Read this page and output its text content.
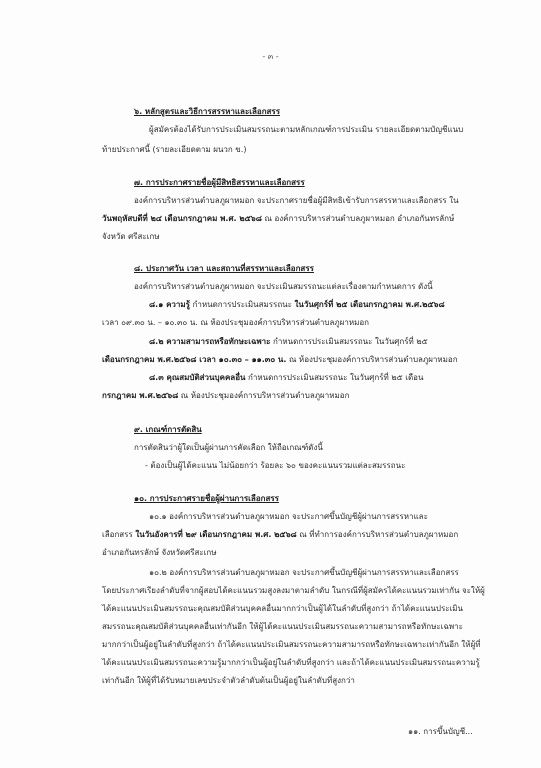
- ๓ -
๖. หลักสูตรและวิธีการสรรหาและเลือกสรร
ผู้สมัครต้องได้รับการประเมินสมรรถนะตามหลักเกณฑ์การประเมิน รายละเอียดตามบัญชีแนบ
ท้ายประกาศนี้ (รายละเอียดตาม ผนวก ข.)
๗. การประกาศรายชื่อผู้มีสิทธิสรรหาและเลือกสรร
องค์การบริหารส่วนตำบลภูผาหมอก จะประกาศรายชื่อผู้มีสิทธิเข้ารับการสรรหาและเลือกสรร ใน
วันพฤหัสบดีที่ ๒๔ เดือนกรกฎาคม พ.ศ. ๒๕๖๘ ณ องค์การบริหารส่วนตำบลภูผาหมอก อำเภอกันทรลักษ์
จังหวัด ศรีสะเกษ
๘. ประกาศวัน เวลา และสถานที่สรรหาและเลือกสรร
องค์การบริหารส่วนตำบลภูผาหมอก จะประเมินสมรรถนะแต่ละเรื่องตามกำหนดการ ดังนี้
๘.๑ ความรู้ กำหนดการประเมินสมรรถนะ ในวันศุกร์ที่ ๒๕ เดือนกรกฎาคม พ.ศ.๒๕๖๘
เวลา ๐๙.๓๐ น. – ๑๐.๓๐ น. ณ ห้องประชุมองค์การบริหารส่วนตำบลภูผาหมอก
๘.๒ ความสามารถหรือทักษะเฉพาะ กำหนดการประเมินสมรรถนะ ในวันศุกร์ที่ ๒๕
เดือนกรกฎาคม พ.ศ.๒๕๖๘ เวลา ๑๐.๓๐ – ๑๑.๓๐ น. ณ ห้องประชุมองค์การบริหารส่วนตำบลภูผาหมอก
๘.๓ คุณสมบัติส่วนบุคคลอื่น กำหนดการประเมินสมรรถนะ ในวันศุกร์ที่ ๒๕ เดือน
กรกฎาคม พ.ศ.๒๕๖๘ ณ ห้องประชุมองค์การบริหารส่วนตำบลภูผาหมอก
๙. เกณฑ์การตัดสิน
การตัดสินว่าผู้ใดเป็นผู้ผ่านการคัดเลือก ให้ถือเกณฑ์ดังนี้
- ต้องเป็นผู้ได้คะแนน ไม่น้อยกว่า ร้อยละ ๖๐ ของคะแนนรวมแต่ละสมรรถนะ
๑๐. การประกาศรายชื่อผู้ผ่านการเลือกสรร
๑๐.๑ องค์การบริหารส่วนตำบลภูผาหมอก จะประกาศขึ้นบัญชีผู้ผ่านการสรรหาและ
เลือกสรร ในวันอังคารที่ ๒๙ เดือนกรกฎาคม พ.ศ. ๒๕๖๘ ณ ที่ทำการองค์การบริหารส่วนตำบลภูผาหมอก
อำเภอกันทรลักษ์ จังหวัดศรีสะเกษ
๑๐.๒ องค์การบริหารส่วนตำบลภูผาหมอก จะประกาศขึ้นบัญชีผู้ผ่านการสรรหาและเลือกสรร
โดยประกาศเรียงลำดับที่จากผู้สอบได้คะแนนรวมสูงลงมาตามลำดับ ในกรณีที่ผู้สมัครได้คะแนนรวมเท่ากัน จะให้ผู้
ได้คะแนนประเมินสมรรถนะคุณสมบัติส่วนบุคคลอื่นมากกว่าเป็นผู้ได้ในลำดับที่สูงกว่า ถ้าได้คะแนนประเมิน
สมรรถนะคุณสมบัติส่วนบุคคลอื่นเท่ากันอีก ให้ผู้ได้คะแนนประเมินสมรรถนะความสามารถหรือทักษะเฉพาะ
มากกว่าเป็นผู้อยู่ในลำดับที่สูงกว่า ถ้าได้คะแนนประเมินสมรรถนะความสามารถหรือทักษะเฉพาะเท่ากันอีก ให้ผู้ที่
ได้คะแนนประเมินสมรรถนะความรู้มากกว่าเป็นผู้อยู่ในลำดับที่สูงกว่า และถ้าได้คะแนนประเมินสมรรถนะความรู้
เท่ากันอีก ให้ผู้ที่ได้รับหมายเลขประจำตัวลำดับต้นเป็นผู้อยู่ในลำดับที่สูงกว่า
๑๑. การขึ้นบัญชี...
